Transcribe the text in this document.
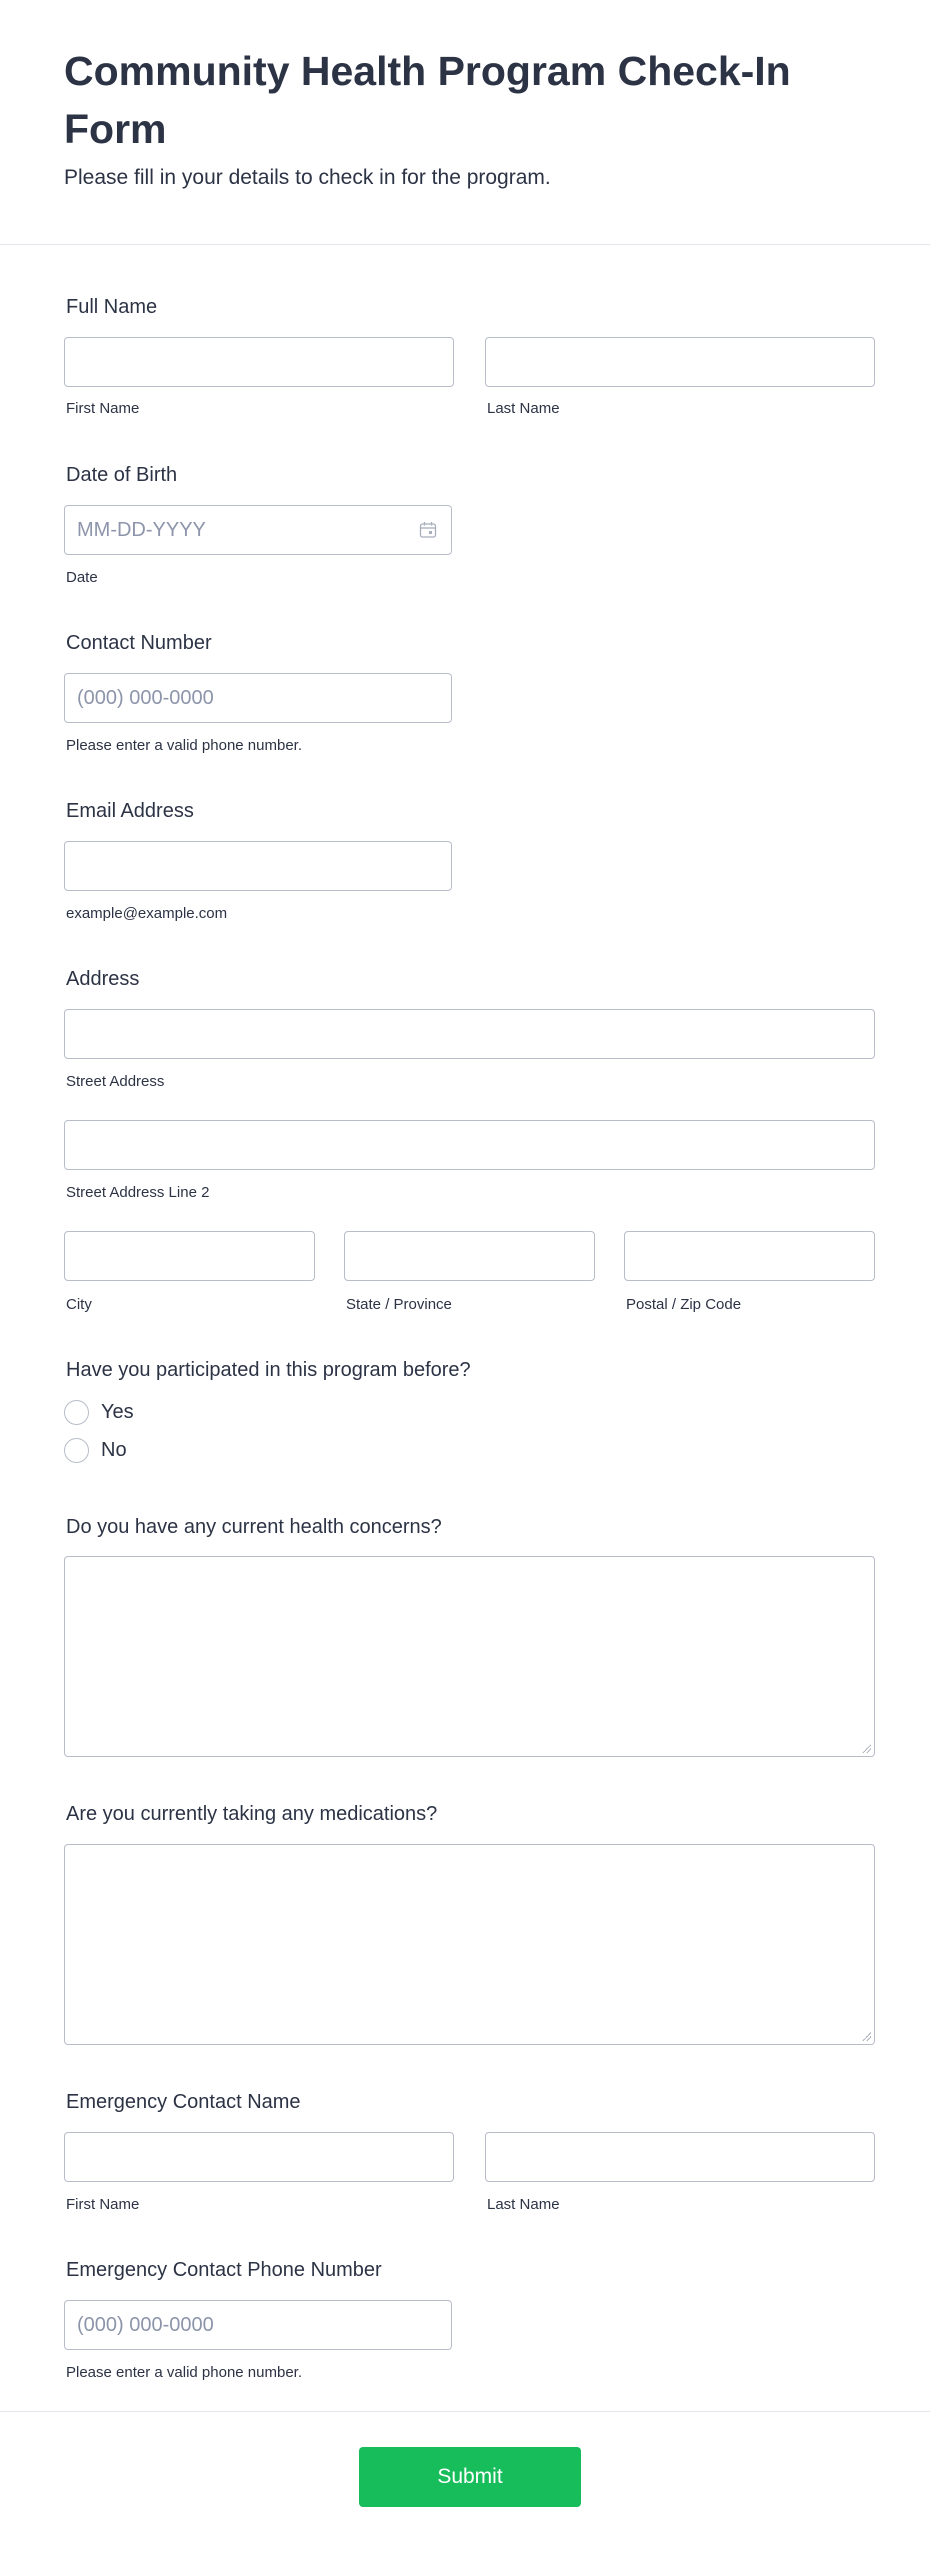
Community Health Program Check-In Form
Please fill in your details to check in for the program.
Full Name
First Name	Last Name
Date of Birth
MM-DD-YYYY
Date
Contact Number
(000) 000-0000
Please enter a valid phone number.
Email Address
example@example.com
Address
Street Address
Street Address Line 2
City	State / Province	Postal / Zip Code
Have you participated in this program before?
Yes
No
Do you have any current health concerns?
Are you currently taking any medications?
Emergency Contact Name
First Name	Last Name
Emergency Contact Phone Number
(000) 000-0000
Please enter a valid phone number.
Submit
